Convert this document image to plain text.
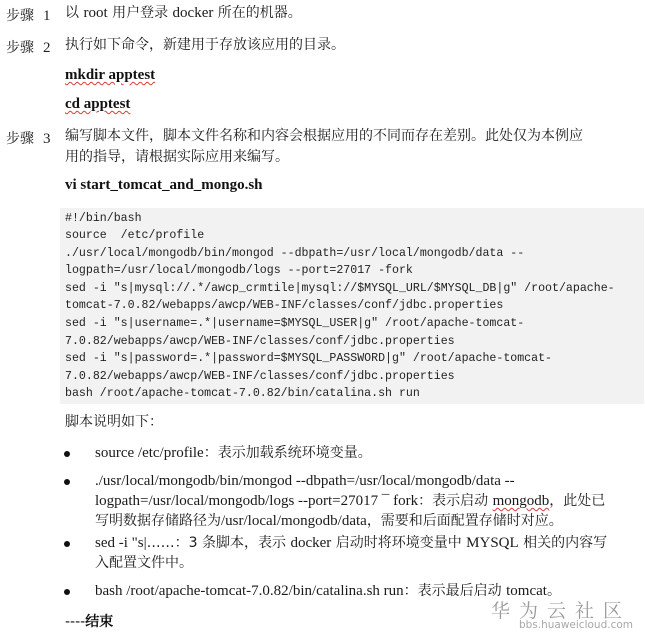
步骤 1 以 root 用户登录 docker 所在的机器。
步骤 2 执行如下命令，新建用于存放该应用的目录。
mkdir apptest
cd apptest
步骤 3 编写脚本文件，脚本文件名称和内容会根据应用的不同而存在差别。此处仅为本例应
用的指导，请根据实际应用来编写。
vi start_tomcat_and_mongo.sh
#!/bin/bash
source  /etc/profile
./usr/local/mongodb/bin/mongod --dbpath=/usr/local/mongodb/data --
logpath=/usr/local/mongodb/logs --port=27017 -fork
sed -i "s|mysql://.*/awcp_crmtile|mysql://$MYSQL_URL/$MYSQL_DB|g" /root/apache-
tomcat-7.0.82/webapps/awcp/WEB-INF/classes/conf/jdbc.properties
sed -i "s|username=.*|username=$MYSQL_USER|g" /root/apache-tomcat-
7.0.82/webapps/awcp/WEB-INF/classes/conf/jdbc.properties
sed -i "s|password=.*|password=$MYSQL_PASSWORD|g" /root/apache-tomcat-
7.0.82/webapps/awcp/WEB-INF/classes/conf/jdbc.properties
bash /root/apache-tomcat-7.0.82/bin/catalina.sh run
脚本说明如下：
source /etc/profile：表示加载系统环境变量。
./usr/local/mongodb/bin/mongod --dbpath=/usr/local/mongodb/data --
logpath=/usr/local/mongodb/logs --port=27017 ¯ fork：表示启动 mongodb，此处已
写明数据存储路径为/usr/local/mongodb/data，需要和后面配置存储时对应。
sed -i "s|……：3 条脚本，表示 docker 启动时将环境变量中 MYSQL 相关的内容写
入配置文件中。
bash /root/apache-tomcat-7.0.82/bin/catalina.sh run：表示最后启动 tomcat。
----结束	华为云社区
bbs.huaweicloud.com
